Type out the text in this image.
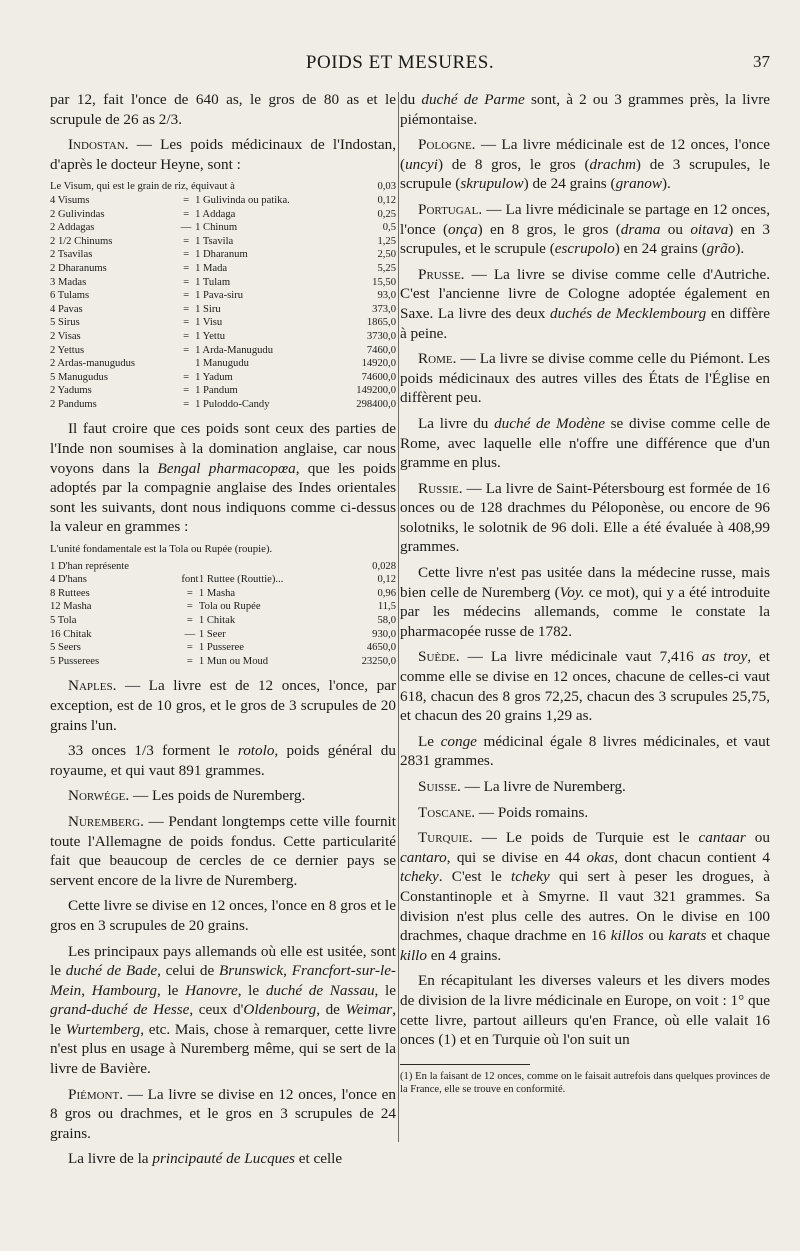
POIDS ET MESURES.	37

par 12, fait l'once de 640 as, le gros de 80 as et le scrupule de 26 as 2/3.

Indostan. — Les poids médicinaux de l'Indostan, d'après le docteur Heyne, sont :

Le Visum, qui est le grain de riz, équivaut à			0,03
4 Visums	=	1 Gulivinda ou patika.	0,12
2 Gulivindas	=	1 Addaga	0,25
2 Addagas	—	1 Chinum	0,5
2 1/2 Chinums	=	1 Tsavila	1,25
2 Tsavilas	=	1 Dharanum	2,50
2 Dharanums	=	1 Mada	5,25
3 Madas	=	1 Tulam	15,50
6 Tulams	=	1 Pava-siru	93,0
4 Pavas	=	1 Siru	373,0
5 Sirus	=	1 Visu	1865,0
2 Visas	=	1 Yettu	3730,0
2 Yettus	=	1 Arda-Manugudu	7460,0
2 Ardas-manugudus		1 Manugudu	14920,0
5 Manugudus	=	1 Yadum	74600,0
2 Yadums	=	1 Pandum	149200,0
2 Pandums	=	1 Puloddo-Candy	298400,0

Il faut croire que ces poids sont ceux des parties de l'Inde non soumises à la domination anglaise, car nous voyons dans la Bengal pharmacopœa, que les poids adoptés par la compagnie anglaise des Indes orientales sont les suivants, dont nous indiquons comme ci-dessus la valeur en grammes :

L'unité fondamentale est la Tola ou Rupée (roupie).

1 D'han représente			0,028
4 D'hans	font	1 Ruttee (Routtie)...	0,12
8 Ruttees	=	1 Masha	0,96
12 Masha	=	Tola ou Rupée	11,5
5 Tola	=	1 Chitak	58,0
16 Chitak	—	1 Seer	930,0
5 Seers	=	1 Pusseree	4650,0
5 Pusserees	=	1 Mun ou Moud	23250,0

Naples. — La livre est de 12 onces, l'once, par exception, est de 10 gros, et le gros de 3 scrupules de 20 grains l'un.

33 onces 1/3 forment le rotolo, poids général du royaume, et qui vaut 891 grammes.

Norwége. — Les poids de Nuremberg.

Nuremberg. — Pendant longtemps cette ville fournit toute l'Allemagne de poids fondus. Cette particularité fait que beaucoup de cercles de ce dernier pays se servent encore de la livre de Nuremberg.

Cette livre se divise en 12 onces, l'once en 8 gros et le gros en 3 scrupules de 20 grains.

Les principaux pays allemands où elle est usitée, sont le duché de Bade, celui de Brunswick, Francfort-sur-le-Mein, Hambourg, le Hanovre, le duché de Nassau, le grand-duché de Hesse, ceux d'Oldenbourg, de Weimar, le Wurtemberg, etc. Mais, chose à remarquer, cette livre n'est plus en usage à Nuremberg même, qui se sert de la livre de Bavière.

Piémont. — La livre se divise en 12 onces, l'once en 8 gros ou drachmes, et le gros en 3 scrupules de 24 grains.

La livre de la principauté de Lucques et celle

du duché de Parme sont, à 2 ou 3 grammes près, la livre piémontaise.

Pologne. — La livre médicinale est de 12 onces, l'once (uncyi) de 8 gros, le gros (drachm) de 3 scrupules, le scrupule (skrupulow) de 24 grains (granow).

Portugal. — La livre médicinale se partage en 12 onces, l'once (onça) en 8 gros, le gros (drama ou oitava) en 3 scrupules, et le scrupule (escrupolo) en 24 grains (grão).

Prusse. — La livre se divise comme celle d'Autriche. C'est l'ancienne livre de Cologne adoptée également en Saxe. La livre des deux duchés de Mecklembourg en diffère à peine.

Rome. — La livre se divise comme celle du Piémont. Les poids médicinaux des autres villes des États de l'Église en diffèrent peu.

La livre du duché de Modène se divise comme celle de Rome, avec laquelle elle n'offre une différence que d'un gramme en plus.

Russie. — La livre de Saint-Pétersbourg est formée de 16 onces ou de 128 drachmes du Péloponèse, ou encore de 96 solotniks, le solotnik de 96 doli. Elle a été évaluée à 408,99 grammes.

Cette livre n'est pas usitée dans la médecine russe, mais bien celle de Nuremberg (Voy. ce mot), qui y a été introduite par les médecins allemands, comme le constate la pharmacopée russe de 1782.

Suède. — La livre médicinale vaut 7,416 as troy, et comme elle se divise en 12 onces, chacune de celles-ci vaut 618, chacun des 8 gros 72,25, chacun des 3 scrupules 25,75, et chacun des 20 grains 1,29 as.

Le conge médicinal égale 8 livres médicinales, et vaut 2831 grammes.

Suisse. — La livre de Nuremberg.

Toscane. — Poids romains.

Turquie. — Le poids de Turquie est le cantaar ou cantaro, qui se divise en 44 okas, dont chacun contient 4 tcheky. C'est le tcheky qui sert à peser les drogues, à Constantinople et à Smyrne. Il vaut 321 grammes. Sa division n'est plus celle des autres. On le divise en 100 drachmes, chaque drachme en 16 killos ou karats et chaque killo en 4 grains.

En récapitulant les diverses valeurs et les divers modes de division de la livre médicinale en Europe, on voit : 1° que cette livre, partout ailleurs qu'en France, où elle valait 16 onces (1) et en Turquie où l'on suit un

(1) En la faisant de 12 onces, comme on le faisait autrefois dans quelques provinces de la France, elle se trouve en conformité.
